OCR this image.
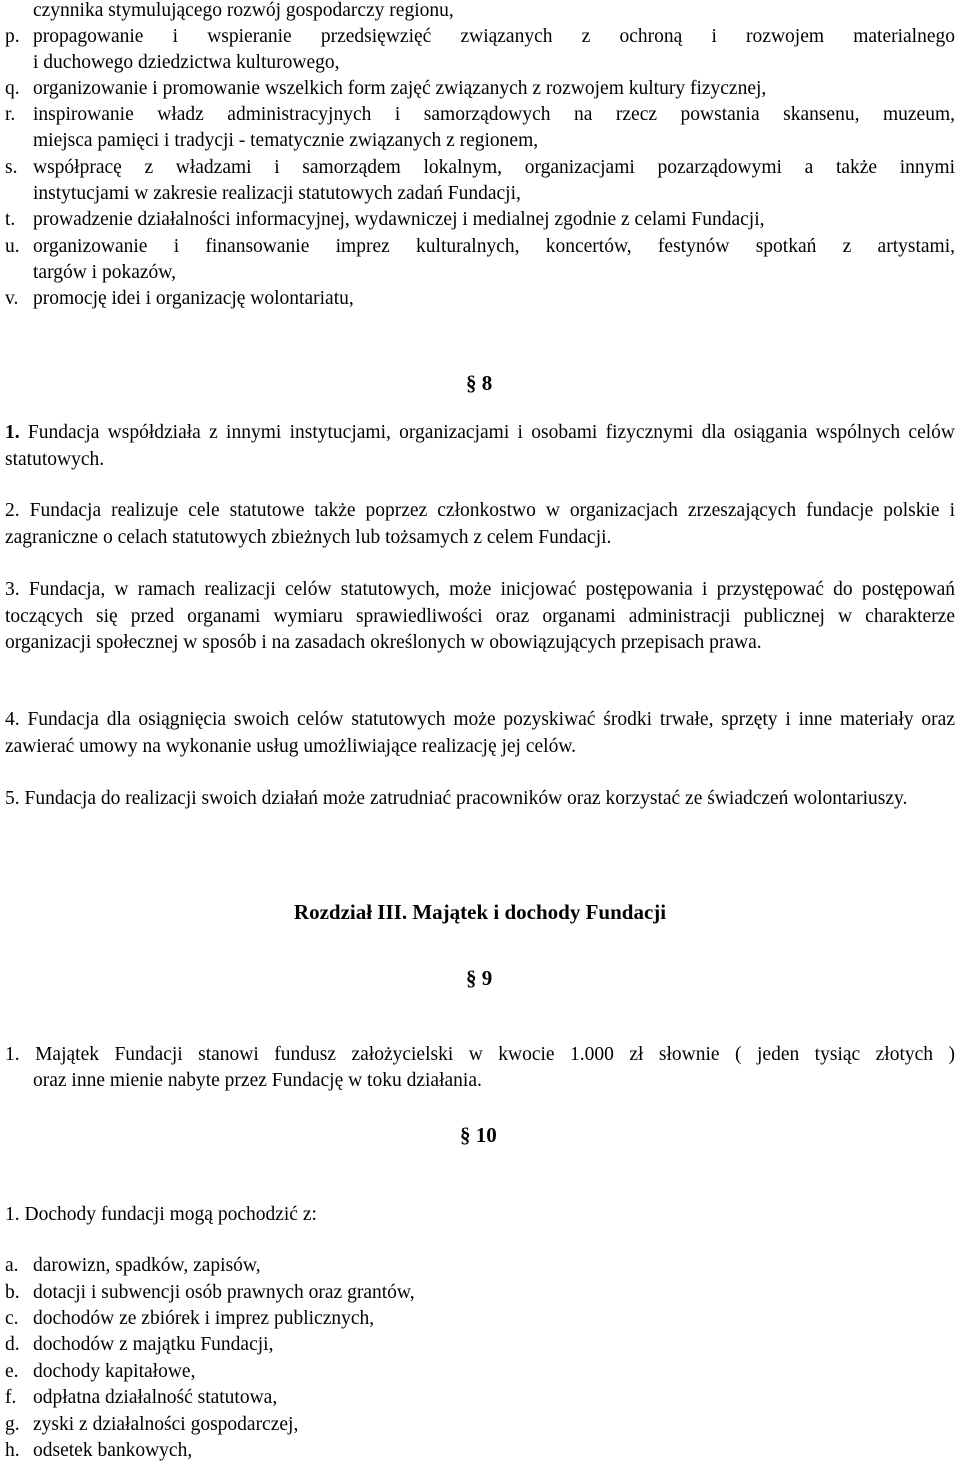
czynnika stymulującego rozwój gospodarczy regionu,
p. propagowanie i wspieranie przedsięwzięć związanych z ochroną i rozwojem materialnego
i duchowego dziedzictwa kulturowego,
q. organizowanie i promowanie wszelkich form zajęć związanych z rozwojem kultury fizycznej,
r. inspirowanie władz administracyjnych i samorządowych na rzecz powstania skansenu, muzeum,
miejsca pamięci i tradycji - tematycznie związanych z regionem,
s. współpracę z władzami i samorządem lokalnym, organizacjami pozarządowymi a także innymi
instytucjami w zakresie realizacji statutowych zadań Fundacji,
t. prowadzenie działalności informacyjnej, wydawniczej i medialnej zgodnie z celami Fundacji,
u. organizowanie i finansowanie imprez kulturalnych, koncertów, festynów spotkań z artystami,
targów i pokazów,
v. promocję idei i organizację wolontariatu,
§ 8
1. Fundacja współdziała z innymi instytucjami, organizacjami i osobami fizycznymi dla osiągania wspólnych celów statutowych.
2. Fundacja realizuje cele statutowe także poprzez członkostwo w organizacjach zrzeszających fundacje polskie i zagraniczne o celach statutowych zbieżnych lub tożsamych z celem Fundacji.
3. Fundacja, w ramach realizacji celów statutowych, może inicjować postępowania i przystępować do postępowań toczących się przed organami wymiaru sprawiedliwości oraz organami administracji publicznej w charakterze organizacji społecznej w sposób i na zasadach określonych w obowiązujących przepisach prawa.
4. Fundacja dla osiągnięcia swoich celów statutowych może pozyskiwać środki trwałe, sprzęty i inne materiały oraz zawierać umowy na wykonanie usług umożliwiające realizację jej celów.
5. Fundacja do realizacji swoich działań może zatrudniać pracowników oraz korzystać ze świadczeń wolontariuszy.
Rozdział III. Majątek i dochody Fundacji
§ 9
1. Majątek Fundacji stanowi fundusz założycielski w kwocie 1.000 zł słownie ( jeden tysiąc złotych )
oraz inne mienie nabyte przez Fundację w toku działania.
§ 10
1. Dochody fundacji mogą pochodzić z:
a. darowizn, spadków, zapisów,
b. dotacji i subwencji osób prawnych oraz grantów,
c. dochodów ze zbiórek i imprez publicznych,
d. dochodów z majątku Fundacji,
e. dochody kapitałowe,
f. odpłatna działalność statutowa,
g. zyski z działalności gospodarczej,
h. odsetek bankowych,
